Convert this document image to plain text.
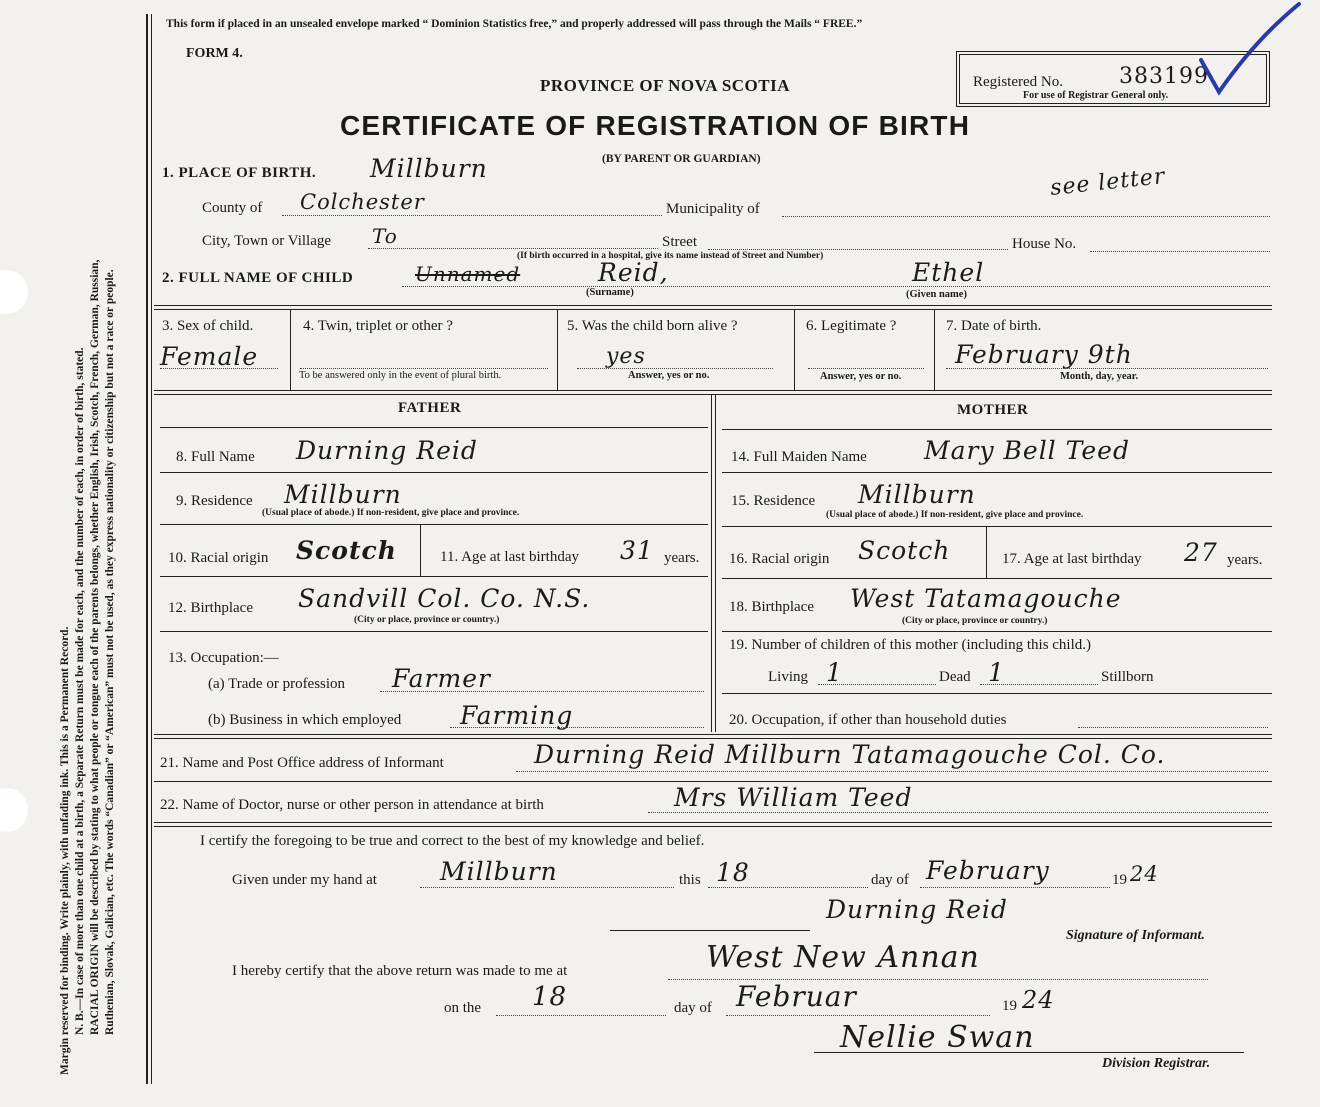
Margin reserved for binding. Write plainly, with unfading ink. This is a Permanent Record. N. B.—In case of more than one child at a birth, a Separate Return must be made for each, and the number of each, in order of birth, stated. RACIAL ORIGIN will be described by stating to what people or tongue each of the parents belongs, whether English, Irish, Scotch, French, German, Russian, Ruthenian, Slovak, Galician, etc. The words “Canadian” or “American” must not be used, as they express nationality or citizenship but not a race or people.
This form if placed in an unsealed envelope marked “ Dominion Statistics free,” and properly addressed will pass through the Mails “ FREE.”
FORM 4.
PROVINCE OF NOVA SCOTIA
CERTIFICATE OF REGISTRATION OF BIRTH
(BY PARENT OR GUARDIAN)
Registered No.	383199
For use of Registrar General only.
1. PLACE OF BIRTH. Millburn	see letter
County of Colchester	Municipality of
City, Town or Village To	Street
(If birth occurred in a hospital, give its name instead of Street and Number)
House No.
2. FULL NAME OF CHILD	Unnamed	Reid,
(Surname)
Ethel
(Given name)
3. Sex of child.
Female
4. Twin, triplet or other ?
To be answered only in the event of plural birth.
5. Was the child born alive ?
yes
Answer, yes or no.
6. Legitimate ?
Answer, yes or no.
7. Date of birth.
February 9th
Month, day, year.
FATHER	MOTHER
8. Full Name Durning Reid
9. Residence Millburn
(Usual place of abode.) If non-resident, give place and province.
10. Racial origin Scotch	11. Age at last birthday 31 years.
12. Birthplace Sandvill Col. Co. N.S.
(City or place, province or country.)
13. Occupation:—
(a) Trade or profession Farmer
(b) Business in which employed Farming
14. Full Maiden Name Mary Bell Teed
15. Residence Millburn
(Usual place of abode.) If non-resident, give place and province.
16. Racial origin Scotch	17. Age at last birthday 27 years.
18. Birthplace West Tatamagouche
(City or place, province or country.)
19. Number of children of this mother (including this child.)
Living 1	Dead 1	Stillborn
20. Occupation, if other than household duties
21. Name and Post Office address of Informant	Durning Reid Millburn Tatamagouche Col. Co.
22. Name of Doctor, nurse or other person in attendance at birth	Mrs William Teed
I certify the foregoing to be true and correct to the best of my knowledge and belief.
Given under my hand at	Millburn	this 18	day of February	19 24
Durning Reid
Signature of Informant.
I hereby certify that the above return was made to me at	West New Annan
on the 18	day of Februar	19 24
Nellie Swan
Division Registrar.
